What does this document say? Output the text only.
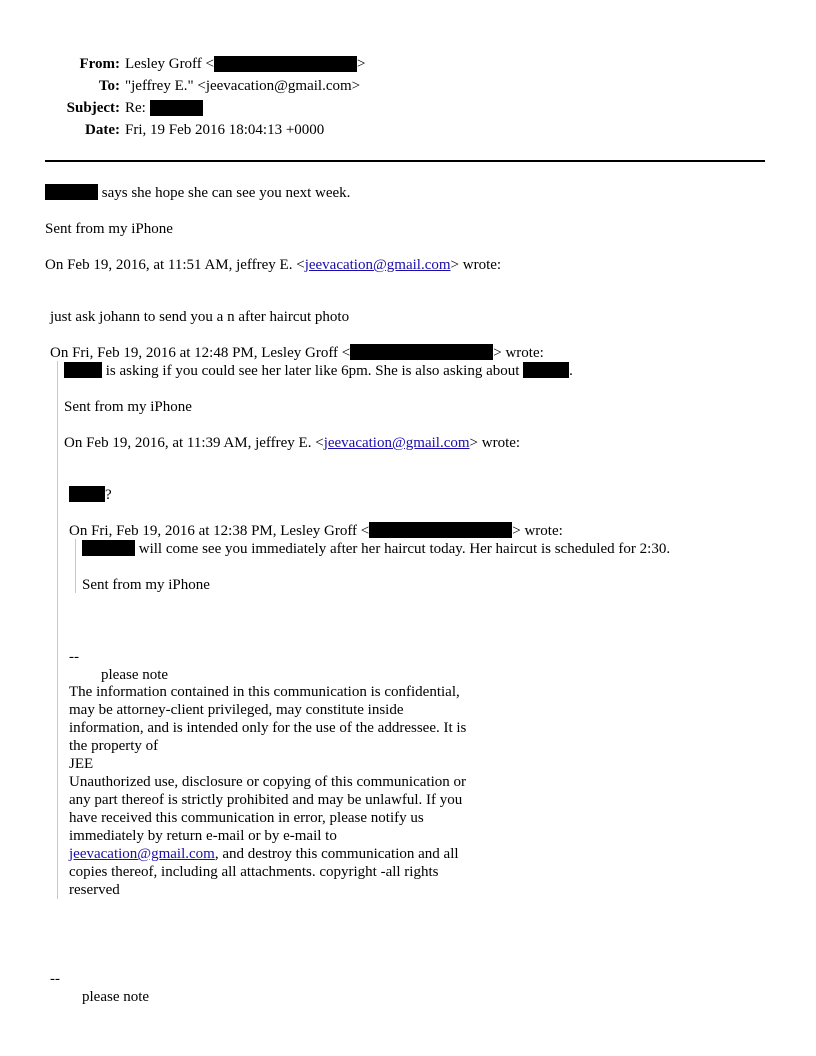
From: Lesley Groff <	>
To: "jeffrey E." <jeevacation@gmail.com>
Subject: Re:

Date: Fri, 19 Feb 2016 18:04:13 +0000
says she hope she can see you next week.
Sent from my iPhone
On Feb 19, 2016, at 11:51 AM, jeffrey E. <jeevacation@gmail.com> wrote:
just ask johann to send you a n after haircut photo
On Fri, Feb 19, 2016 at 12:48 PM, Lesley Groff <	> wrote:
is asking if you could see her later like 6pm. She is also asking about	.
Sent from my iPhone
On Feb 19, 2016, at 11:39 AM, jeffrey E. <jeevacation@gmail.com> wrote:
?
On Fri, Feb 19, 2016 at 12:38 PM, Lesley Groff <	> wrote:
will come see you immediately after her haircut today. Her haircut is scheduled for 2:30.
Sent from my iPhone
--
please note
The information contained in this communication is confidential, may be attorney-client privileged, may constitute inside information, and is intended only for the use of the addressee. It is the property of
JEE
Unauthorized use, disclosure or copying of this communication or any part thereof is strictly prohibited and may be unlawful. If you have received this communication in error, please notify us immediately by return e-mail or by e-mail to jeevacation@gmail.com, and destroy this communication and all copies thereof, including all attachments. copyright -all rights reserved
--
please note
